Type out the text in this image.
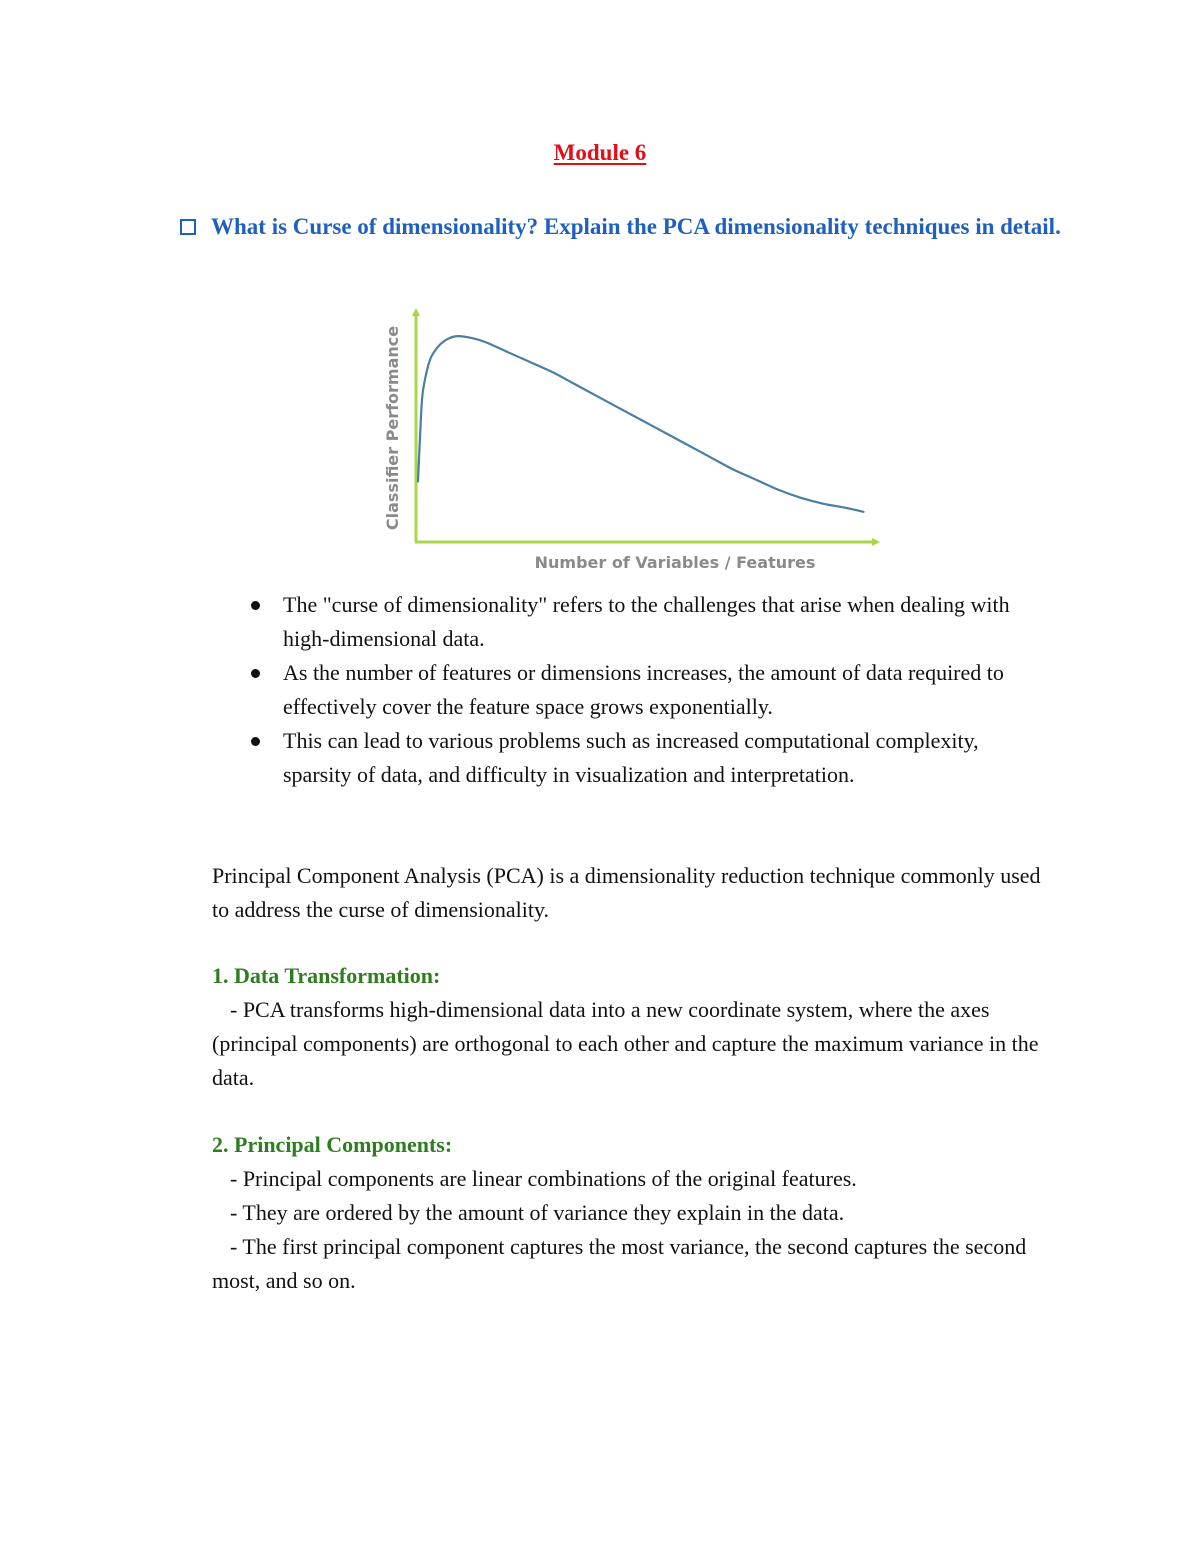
Module 6
What is Curse of dimensionality? Explain the PCA dimensionality techniques in detail.
Number of Variables / Features
Classifier Performance
The "curse of dimensionality" refers to the challenges that arise when dealing with high-dimensional data.
As the number of features or dimensions increases, the amount of data required to effectively cover the feature space grows exponentially.
This can lead to various problems such as increased computational complexity, sparsity of data, and difficulty in visualization and interpretation.

Principal Component Analysis (PCA) is a dimensionality reduction technique commonly used to address the curse of dimensionality.

1. Data Transformation:

- PCA transforms high-dimensional data into a new coordinate system, where the axes (principal components) are orthogonal to each other and capture the maximum variance in the data.

2. Principal Components:

- Principal components are linear combinations of the original features.
- They are ordered by the amount of variance they explain in the data.
- The first principal component captures the most variance, the second captures the second most, and so on.
